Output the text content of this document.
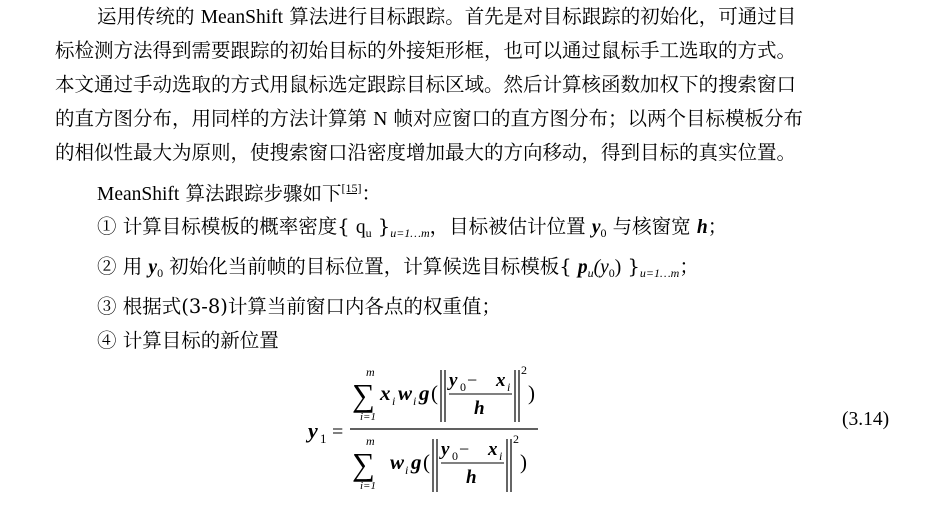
运用传统的 MeanShift 算法进行目标跟踪。首先是对目标跟踪的初始化，可通过目
标检测方法得到需要跟踪的初始目标的外接矩形框，也可以通过鼠标手工选取的方式。
本文通过手动选取的方式用鼠标选定跟踪目标区域。然后计算核函数加权下的搜索窗口
的直方图分布，用同样的方法计算第 N 帧对应窗口的直方图分布；以两个目标模板分布
的相似性最大为原则，使搜索窗口沿密度增加最大的方向移动，得到目标的真实位置。
MeanShift 算法跟踪步骤如下[15]：
① 计算目标模板的概率密度{ $q_u$ }$_{u=1\dots m}$，目标被估计位置 $y_0$ 与核窗宽 h；
② 用 $y_0$ 初始化当前帧的目标位置，计算候选目标模板{ $p_u(y_0)$ }$_{u=1\dots m}$；
③ 根据式(3-8)计算当前窗口内各点的权重值；
④ 计算目标的新位置
y 1 =
m
∑
i=1
x i w i g (
y 0 − x i
h
2
)
m
∑
i=1
w i g (
y 0 − x i
h
2
)
(3.14)
